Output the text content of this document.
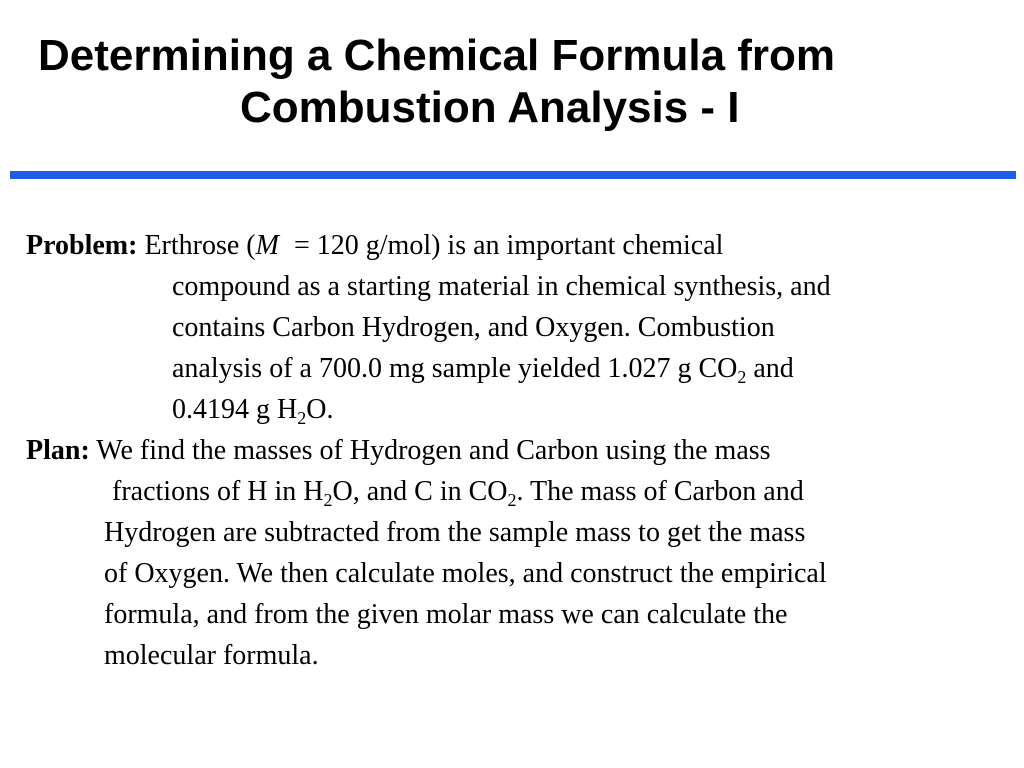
Determining a Chemical Formula from
Combustion Analysis - I
Problem: Erthrose (M = 120 g/mol) is an important chemical
compound as a starting material in chemical synthesis, and
contains Carbon Hydrogen, and Oxygen. Combustion
analysis of a 700.0 mg sample yielded 1.027 g $CO_2$ and
0.4194 g $H_2O$.
Plan: We find the masses of Hydrogen and Carbon using the mass
fractions of H in $H_2O$, and C in $CO_2$. The mass of Carbon and
Hydrogen are subtracted from the sample mass to get the mass
of Oxygen. We then calculate moles, and construct the empirical
formula, and from the given molar mass we can calculate the
molecular formula.
